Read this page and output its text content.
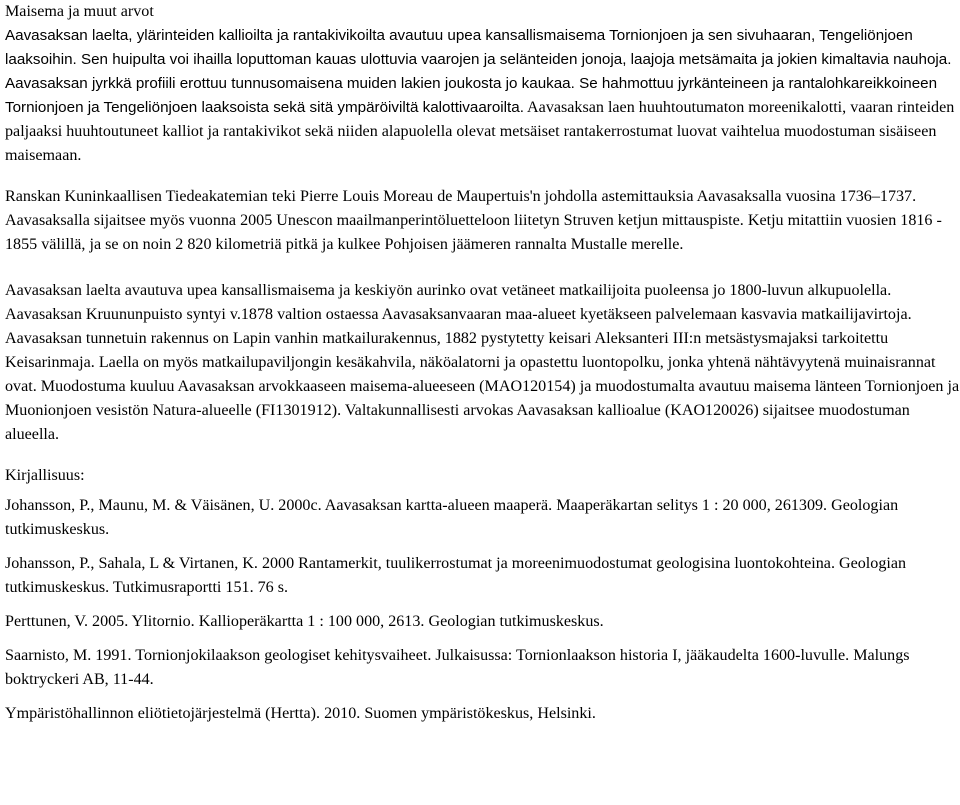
Maisema ja muut arvot

Aavasaksan laelta, ylärinteiden kallioilta ja rantakivikoilta avautuu upea kansallismaisema Tornionjoen ja sen sivuhaaran, Tengeliönjoen laaksoihin. Sen huipulta voi ihailla loputtoman kauas ulottuvia vaarojen ja selänteiden jonoja, laajoja metsämaita ja jokien kimaltavia nauhoja. Aavasaksan jyrkkä profiili erottuu tunnusomaisena muiden lakien joukosta jo kaukaa. Se hahmottuu jyrkänteineen ja rantalohkareikkoineen Tornionjoen ja Tengeliönjoen laaksoista sekä sitä ympäröiviltä kalottivaaroilta. Aavasaksan laen huuhtoutumaton moreenikalotti, vaaran rinteiden paljaaksi huuhtoutuneet kalliot ja rantakivikot sekä niiden alapuolella olevat metsäiset rantakerrostumat luovat vaihtelua muodostuman sisäiseen maisemaan.

Ranskan Kuninkaallisen Tiedeakatemian teki Pierre Louis Moreau de Maupertuis'n johdolla astemittauksia Aavasaksalla vuosina 1736–1737. Aavasaksalla sijaitsee myös vuonna 2005 Unescon maailmanperintöluetteloon liitetyn Struven ketjun mittauspiste. Ketju mitattiin vuosien 1816 - 1855 välillä, ja se on noin 2 820 kilometriä pitkä ja kulkee Pohjoisen jäämeren rannalta Mustalle merelle.

Aavasaksan laelta avautuva upea kansallismaisema ja keskiyön aurinko ovat vetäneet matkailijoita puoleensa jo 1800-luvun alkupuolella. Aavasaksan Kruununpuisto syntyi v.1878 valtion ostaessa Aavasaksanvaaran maa-alueet kyetäkseen palvelemaan kasvavia matkailijavirtoja. Aavasaksan tunnetuin rakennus on Lapin vanhin matkailurakennus, 1882 pystytetty keisari Aleksanteri III:n metsästysmajaksi tarkoitettu Keisarinmaja. Laella on myös matkailupaviljongin kesäkahvila, näköalatorni ja opastettu luontopolku, jonka yhtenä nähtävyytenä muinaisrannat ovat. Muodostuma kuuluu Aavasaksan arvokkaaseen maisema-alueeseen (MAO120154) ja muodostumalta avautuu maisema länteen Tornionjoen ja Muonionjoen vesistön Natura-alueelle (FI1301912). Valtakunnallisesti arvokas Aavasaksan kallioalue (KAO120026) sijaitsee muodostuman alueella.

Kirjallisuus:

Johansson, P., Maunu, M. & Väisänen, U. 2000c. Aavasaksan kartta-alueen maaperä. Maaperäkartan selitys 1 : 20 000, 261309. Geologian tutkimuskeskus.

Johansson, P., Sahala, L & Virtanen, K. 2000 Rantamerkit, tuulikerrostumat ja moreenimuodostumat geologisina luontokohteina. Geologian tutkimuskeskus. Tutkimusraportti 151. 76 s.

Perttunen, V. 2005. Ylitornio. Kallioperäkartta 1 : 100 000, 2613. Geologian tutkimuskeskus.

Saarnisto, M. 1991. Tornionjokilaakson geologiset kehitysvaiheet. Julkaisussa: Tornionlaakson historia I, jääkaudelta 1600-luvulle. Malungs boktryckeri AB, 11-44.

Ympäristöhallinnon eliötietojärjestelmä (Hertta). 2010. Suomen ympäristökeskus, Helsinki.
